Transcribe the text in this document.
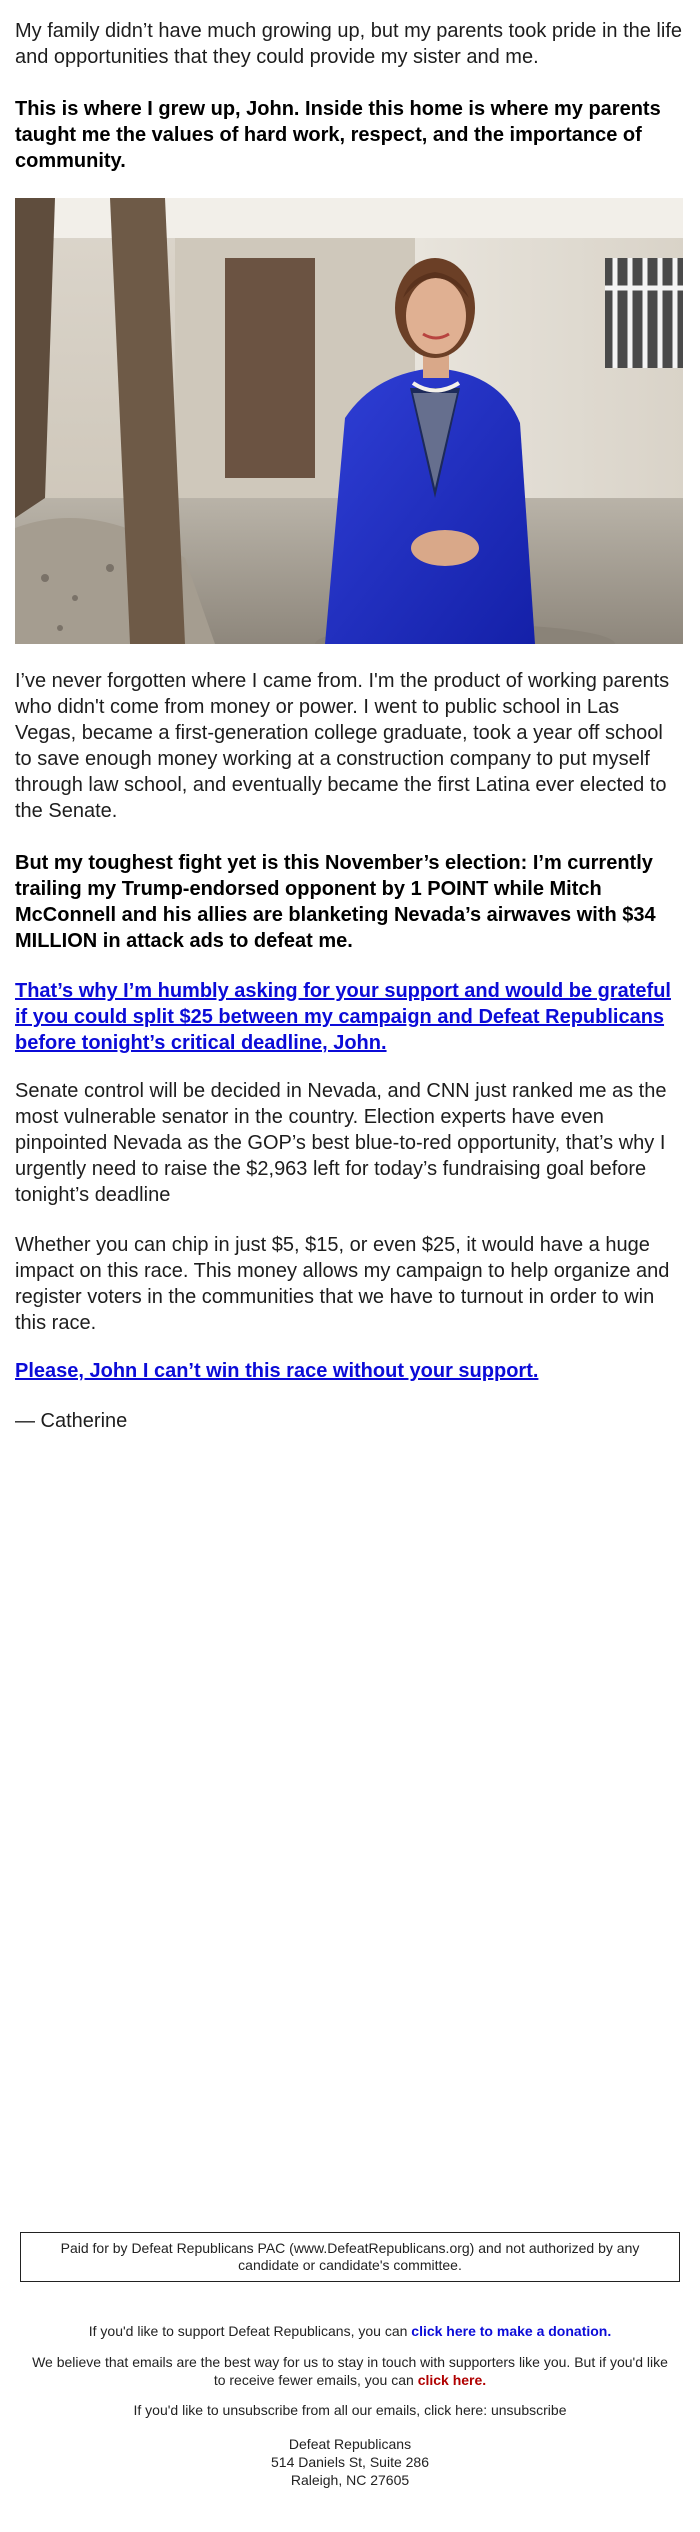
My family didn’t have much growing up, but my parents took pride in the life and opportunities that they could provide my sister and me.

This is where I grew up, John. Inside this home is where my parents taught me the values of hard work, respect, and the importance of community.

I’ve never forgotten where I came from. I'm the product of working parents who didn't come from money or power. I went to public school in Las Vegas, became a first-generation college graduate, took a year off school to save enough money working at a construction company to put myself through law school, and eventually became the first Latina ever elected to the Senate.

But my toughest fight yet is this November’s election: I’m currently trailing my Trump-endorsed opponent by 1 POINT while Mitch McConnell and his allies are blanketing Nevada’s airwaves with $34 MILLION in attack ads to defeat me.

That’s why I’m humbly asking for your support and would be grateful if you could split $25 between my campaign and Defeat Republicans before tonight’s critical deadline, John.

Senate control will be decided in Nevada, and CNN just ranked me as the most vulnerable senator in the country. Election experts have even pinpointed Nevada as the GOP’s best blue-to-red opportunity, that’s why I urgently need to raise the $2,963 left for today’s fundraising goal before tonight’s deadline

Whether you can chip in just $5, $15, or even $25, it would have a huge impact on this race. This money allows my campaign to help organize and register voters in the communities that we have to turnout in order to win this race.

Please, John I can’t win this race without your support.

— Catherine

Paid for by Defeat Republicans PAC (www.DefeatRepublicans.org) and not authorized by any candidate or candidate's committee.
If you'd like to support Defeat Republicans, you can click here to make a donation.
We believe that emails are the best way for us to stay in touch with supporters like you. But if you'd like to receive fewer emails, you can click here.
If you'd like to unsubscribe from all our emails, click here: unsubscribe
Defeat Republicans
514 Daniels St, Suite 286
Raleigh, NC 27605
